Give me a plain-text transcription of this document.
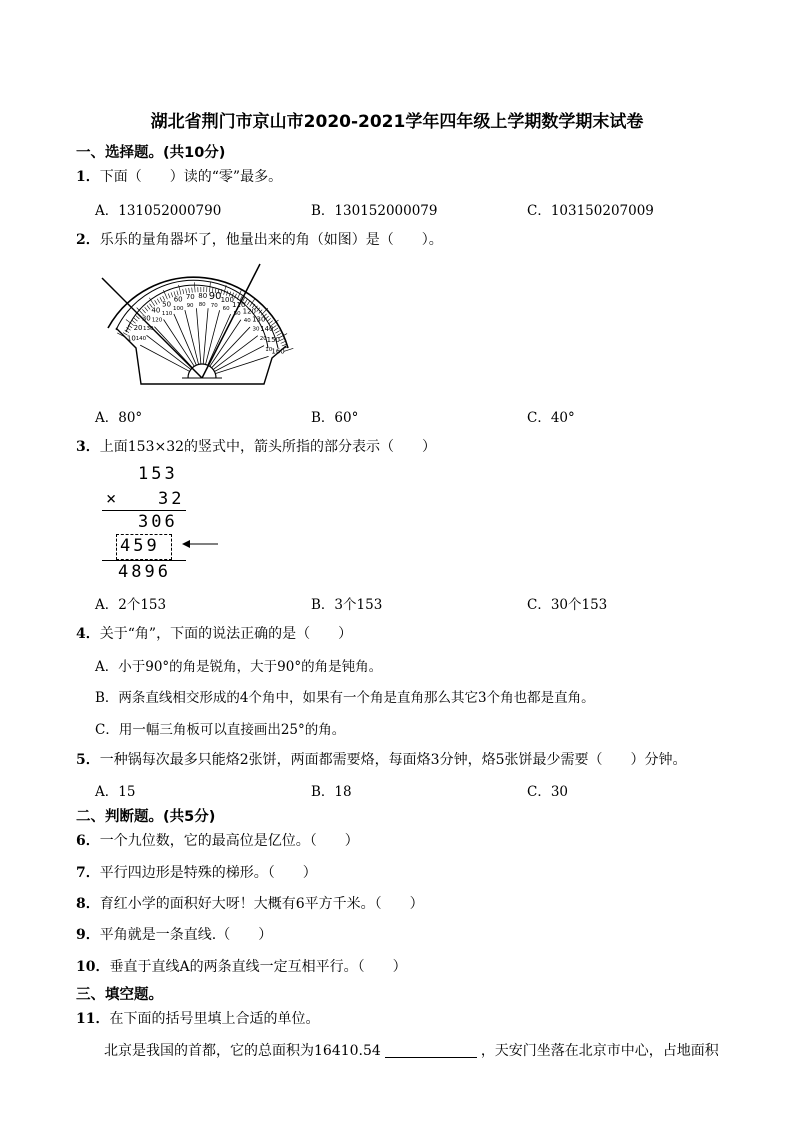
湖北省荆门市京山市2020-2021学年四年级上学期数学期末试卷
一、选择题。(共10分)
1．下面（　　）读的“零”最多。
A．131052000790	B．130152000079	C．103150207009
2．乐乐的量角器坏了，他量出来的角（如图）是（　　）。
10
20
30
40
50
60 70 80 90 100
110
120
130
140
150
160
140
130
120
110
100
90 80 70
60
50
40
30
20
10
A．80°	B．60°	C．40°
3．上面153×32的竖式中，箭头所指的部分表示（　　）
153
× 32
306
459
4896
A．2个153	B．3个153	C．30个153
4．关于“角”，下面的说法正确的是（　　）
A．小于90°的角是锐角，大于90°的角是钝角。
B．两条直线相交形成的4个角中，如果有一个角是直角那么其它3个角也都是直角。
C．用一幅三角板可以直接画出25°的角。
5．一种锅每次最多只能烙2张饼，两面都需要烙，每面烙3分钟，烙5张饼最少需要（　　）分钟。
A．15	B．18	C．30
二、判断题。(共5分)
6．一个九位数，它的最高位是亿位。（　　）
7．平行四边形是特殊的梯形。（　　）
8．育红小学的面积好大呀！大概有6平方千米。（　　）
9．平角就是一条直线.（　　）
10．垂直于直线A的两条直线一定互相平行。（　　）
三、填空题。
11．在下面的括号里填上合适的单位。
北京是我国的首都，它的总面积为16410.54	，天安门坐落在北京市中心，占地面积
